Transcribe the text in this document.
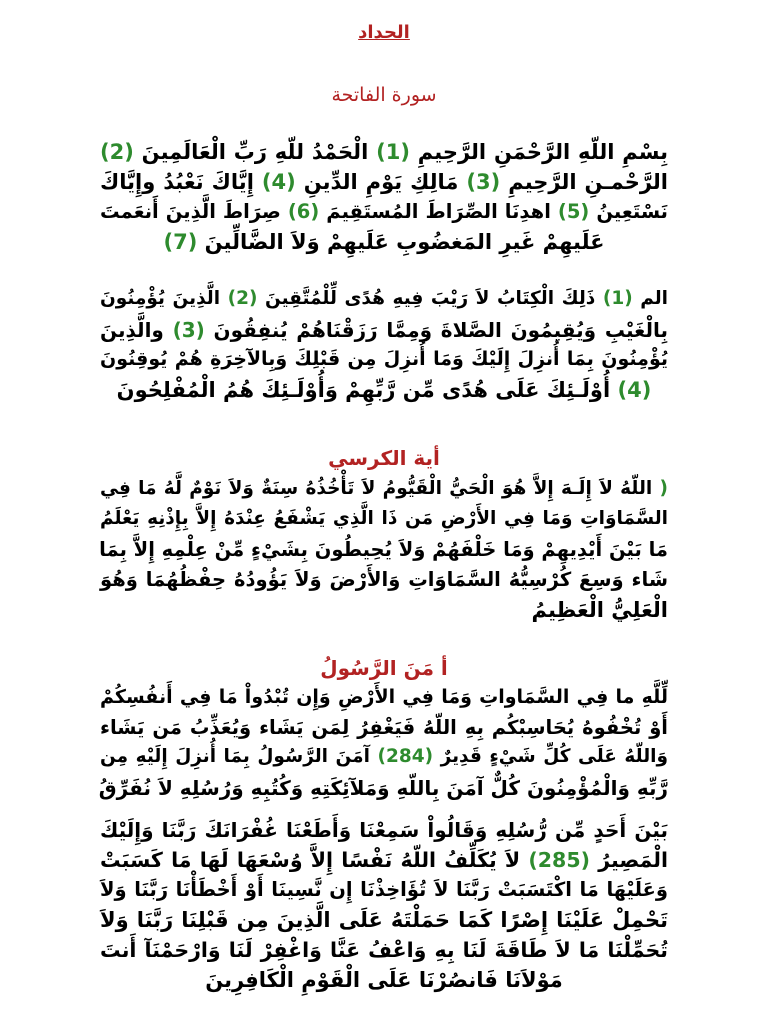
الحداد
سورة الفاتحة
بِسْمِ اللّهِ الرَّحْمَنِ الرَّحِيمِ (1) الْحَمْدُ للّهِ رَبِّ الْعَالَمِينَ (2)
الرَّحْمـنِ الرَّحِيمِ (3) مَالِكِ يَوْمِ الدِّينِ (4) إِيَّاكَ نَعْبُدُ وإِيَّاكَ
نَسْتَعِينُ (5) اهدِنَا الصِّرَاطَ المُستَقِيمَ (6) صِرَاطَ الَّذِينَ أَنعَمتَ
عَلَيهِمْ غَيرِ المَغضُوبِ عَلَيهِمْ وَلاَ الضَّالِّينَ (7)
الم (1) ذَلِكَ الْكِتَابُ لاَ رَيْبَ فِيهِ هُدًى لِّلْمُتَّقِينَ (2) الَّذِينَ يُؤْمِنُونَ
بِالْغَيْبِ وَيُقِيمُونَ الصَّلاةَ وَمِمَّا رَزَقْنَاهُمْ يُنفِقُونَ (3) والَّذِينَ
يُؤْمِنُونَ بِمَا أُنزِلَ إِلَيْكَ وَمَا أُنزِلَ مِن قَبْلِكَ وَبِالآخِرَةِ هُمْ يُوقِنُونَ
(4) أُوْلَـئِكَ عَلَى هُدًى مِّن رَّبِّهِمْ وَأُوْلَـئِكَ هُمُ الْمُفْلِحُونَ
أية الكرسي
( اللّهُ لاَ إِلَـهَ إِلاَّ هُوَ الْحَيُّ الْقَيُّومُ لاَ تَأْخُذُهُ سِنَةٌ وَلاَ نَوْمٌ لَّهُ مَا فِي
السَّمَاوَاتِ وَمَا فِي الأَرْضِ مَن ذَا الَّذِي يَشْفَعُ عِنْدَهُ إِلاَّ بِإِذْنِهِ يَعْلَمُ
مَا بَيْنَ أَيْدِيهِمْ وَمَا خَلْفَهُمْ وَلاَ يُحِيطُونَ بِشَيْءٍ مِّنْ عِلْمِهِ إِلاَّ بِمَا
شَاء وَسِعَ كُرْسِيُّهُ السَّمَاوَاتِ وَالأَرْضَ وَلاَ يَؤُودُهُ حِفْظُهُمَا وَهُوَ
الْعَلِيُّ الْعَظِيمُ
أ مَنَ الرَّسُولُ
لِّلَّهِ ما فِي السَّمَاواتِ وَمَا فِي الأَرْضِ وَإِن تُبْدُواْ مَا فِي أَنفُسِكُمْ
أَوْ تُخْفُوهُ يُحَاسِبْكُم بِهِ اللّهُ فَيَغْفِرُ لِمَن يَشَاء وَيُعَذِّبُ مَن يَشَاء
وَاللّهُ عَلَى كُلِّ شَيْءٍ قَدِيرٌ (284) آمَنَ الرَّسُولُ بِمَا أُنزِلَ إِلَيْهِ مِن
رَّبِّهِ وَالْمُؤْمِنُونَ كُلٌّ آمَنَ بِاللّهِ وَمَلآئِكَتِهِ وَكُتُبِهِ وَرُسُلِهِ لاَ نُفَرِّقُ
بَيْنَ أَحَدٍ مِّن رُّسُلِهِ وَقَالُواْ سَمِعْنَا وَأَطَعْنَا غُفْرَانَكَ رَبَّنَا وَإِلَيْكَ
الْمَصِيرُ (285) لاَ يُكَلِّفُ اللّهُ نَفْسًا إِلاَّ وُسْعَهَا لَهَا مَا كَسَبَتْ
وَعَلَيْهَا مَا اكْتَسَبَتْ رَبَّنَا لاَ تُؤَاخِذْنَا إِن نَّسِينَا أَوْ أَخْطَأْنَا رَبَّنَا وَلاَ
تَحْمِلْ عَلَيْنَا إِصْرًا كَمَا حَمَلْتَهُ عَلَى الَّذِينَ مِن قَبْلِنَا رَبَّنَا وَلاَ
تُحَمِّلْنَا مَا لاَ طَاقَةَ لَنَا بِهِ وَاعْفُ عَنَّا وَاغْفِرْ لَنَا وَارْحَمْنَآ أَنتَ
مَوْلاَنَا فَانصُرْنَا عَلَى الْقَوْمِ الْكَافِرِينَ
